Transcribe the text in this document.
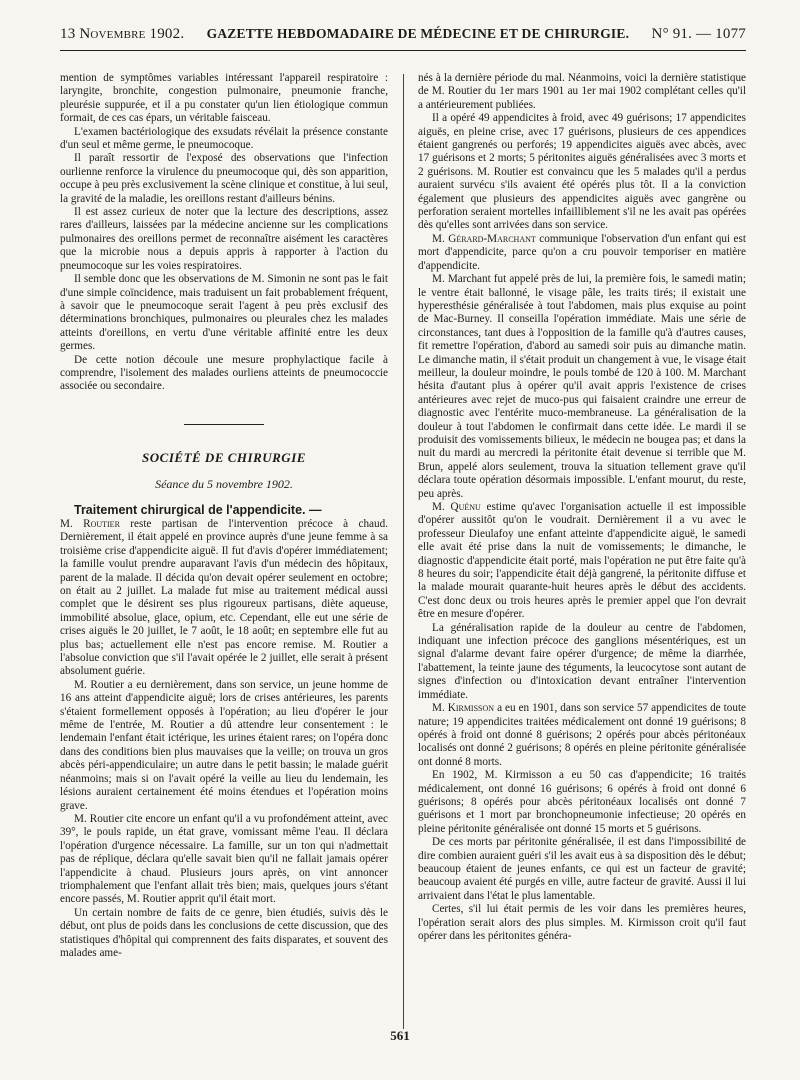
13 Novembre 1902. GAZETTE HEBDOMADAIRE DE MÉDECINE ET DE CHIRURGIE. N° 91. — 1077

mention de symptômes variables intéressant l'appareil respiratoire : laryngite, bronchite, congestion pulmonaire, pneumonie franche, pleurésie suppurée, et il a pu constater qu'un lien étiologique commun formait, de ces cas épars, un véritable faisceau.

L'examen bactériologique des exsudats révélait la présence constante d'un seul et même germe, le pneumocoque.

Il paraît ressortir de l'exposé des observations que l'infection ourlienne renforce la virulence du pneumocoque qui, dès son apparition, occupe à peu près exclusivement la scène clinique et constitue, à lui seul, la gravité de la maladie, les oreillons restant d'ailleurs bénins.

Il est assez curieux de noter que la lecture des descriptions, assez rares d'ailleurs, laissées par la médecine ancienne sur les complications pulmonaires des oreillons permet de reconnaître aisément les caractères que la microbie nous a depuis appris à rapporter à l'action du pneumocoque sur les voies respiratoires.

Il semble donc que les observations de M. Simonin ne sont pas le fait d'une simple coïncidence, mais traduisent un fait probablement fréquent, à savoir que le pneumocoque serait l'agent à peu près exclusif des déterminations bronchiques, pulmonaires ou pleurales chez les malades atteints d'oreillons, en vertu d'une véritable affinité entre les deux germes.

De cette notion découle une mesure prophylactique facile à comprendre, l'isolement des malades ourliens atteints de pneumococcie associée ou secondaire.

SOCIÉTÉ DE CHIRURGIE
Séance du 5 novembre 1902.

Traitement chirurgical de l'appendicite. —

M. Routier reste partisan de l'intervention précoce à chaud. Dernièrement, il était appelé en province auprès d'une jeune femme à sa troisième crise d'appendicite aiguë. Il fut d'avis d'opérer immédiatement; la famille voulut prendre auparavant l'avis d'un médecin des hôpitaux, parent de la malade. Il décida qu'on devait opérer seulement en octobre; on était au 2 juillet. La malade fut mise au traitement médical aussi complet que le désirent ses plus rigoureux partisans, diète aqueuse, immobilité absolue, glace, opium, etc. Cependant, elle eut une série de crises aiguës le 20 juillet, le 7 août, le 18 août; en septembre elle fut au plus bas; actuellement elle n'est pas encore remise. M. Routier a l'absolue conviction que s'il l'avait opérée le 2 juillet, elle serait à présent absolument guérie.

M. Routier a eu dernièrement, dans son service, un jeune homme de 16 ans atteint d'appendicite aiguë; lors de crises antérieures, les parents s'étaient formellement opposés à l'opération; au lieu d'opérer le jour même de l'entrée, M. Routier a dû attendre leur consentement : le lendemain l'enfant était ictérique, les urines étaient rares; on l'opéra donc dans des conditions bien plus mauvaises que la veille; on trouva un gros abcès péri-appendiculaire; un autre dans le petit bassin; le malade guérit néanmoins; mais si on l'avait opéré la veille au lieu du lendemain, les lésions auraient certainement été moins étendues et l'opération moins grave.

M. Routier cite encore un enfant qu'il a vu profondément atteint, avec 39°, le pouls rapide, un état grave, vomissant même l'eau. Il déclara l'opération d'urgence nécessaire. La famille, sur un ton qui n'admettait pas de réplique, déclara qu'elle savait bien qu'il ne fallait jamais opérer l'appendicite à chaud. Plusieurs jours après, on vint annoncer triomphalement que l'enfant allait très bien; mais, quelques jours s'étant encore passés, M. Routier apprit qu'il était mort.

Un certain nombre de faits de ce genre, bien étudiés, suivis dès le début, ont plus de poids dans les conclusions de cette discussion, que des statistiques d'hôpital qui comprennent des faits disparates, et souvent des malades ame-

nés à la dernière période du mal. Néanmoins, voici la dernière statistique de M. Routier du 1er mars 1901 au 1er mai 1902 complétant celles qu'il a antérieurement publiées.

Il a opéré 49 appendicites à froid, avec 49 guérisons; 17 appendicites aiguës, en pleine crise, avec 17 guérisons, plusieurs de ces appendices étaient gangrenés ou perforés; 19 appendicites aiguës avec abcès, avec 17 guérisons et 2 morts; 5 péritonites aiguës généralisées avec 3 morts et 2 guérisons. M. Routier est convaincu que les 5 malades qu'il a perdus auraient survécu s'ils avaient été opérés plus tôt. Il a la conviction également que plusieurs des appendicites aiguës avec gangrène ou perforation seraient mortelles infailliblement s'il ne les avait pas opérées dès qu'elles sont arrivées dans son service.

M. Gérard-Marchant communique l'observation d'un enfant qui est mort d'appendicite, parce qu'on a cru pouvoir temporiser en matière d'appendicite.

M. Marchant fut appelé près de lui, la première fois, le samedi matin; le ventre était ballonné, le visage pâle, les traits tirés; il existait une hyperesthésie généralisée à tout l'abdomen, mais plus exquise au point de Mac-Burney. Il conseilla l'opération immédiate. Mais une série de circonstances, tant dues à l'opposition de la famille qu'à d'autres causes, fit remettre l'opération, d'abord au samedi soir puis au dimanche matin. Le dimanche matin, il s'était produit un changement à vue, le visage était meilleur, la douleur moindre, le pouls tombé de 120 à 100. M. Marchant hésita d'autant plus à opérer qu'il avait appris l'existence de crises antérieures avec rejet de muco-pus qui faisaient craindre une erreur de diagnostic avec l'entérite muco-membraneuse. La généralisation de la douleur à tout l'abdomen le confirmait dans cette idée. Le mardi il se produisit des vomissements bilieux, le médecin ne bougea pas; et dans la nuit du mardi au mercredi la péritonite était devenue si terrible que M. Brun, appelé alors seulement, trouva la situation tellement grave qu'il déclara toute opération désormais impossible. L'enfant mourut, du reste, peu après.

M. Quénu estime qu'avec l'organisation actuelle il est impossible d'opérer aussitôt qu'on le voudrait. Dernièrement il a vu avec le professeur Dieulafoy une enfant atteinte d'appendicite aiguë, le samedi elle avait été prise dans la nuit de vomissements; le dimanche, le diagnostic d'appendicite était porté, mais l'opération ne put être faite qu'à 8 heures du soir; l'appendicite était déjà gangrené, la péritonite diffuse et la malade mourait quarante-huit heures après le début des accidents. C'est donc deux ou trois heures après le premier appel que l'on devrait être en mesure d'opérer.

La généralisation rapide de la douleur au centre de l'abdomen, indiquant une infection précoce des ganglions mésentériques, est un signal d'alarme devant faire opérer d'urgence; de même la diarrhée, l'abattement, la teinte jaune des téguments, la leucocytose sont autant de signes d'infection ou d'intoxication devant entraîner l'intervention immédiate.

M. Kirmisson a eu en 1901, dans son service 57 appendicites de toute nature; 19 appendicites traitées médicalement ont donné 19 guérisons; 8 opérés à froid ont donné 8 guérisons; 2 opérés pour abcès péritonéaux localisés ont donné 2 guérisons; 8 opérés en pleine péritonite généralisée ont donné 8 morts.

En 1902, M. Kirmisson a eu 50 cas d'appendicite; 16 traités médicalement, ont donné 16 guérisons; 6 opérés à froid ont donné 6 guérisons; 8 opérés pour abcès péritonéaux localisés ont donné 7 guérisons et 1 mort par bronchopneumonie infectieuse; 20 opérés en pleine péritonite généralisée ont donné 15 morts et 5 guérisons.

De ces morts par péritonite généralisée, il est dans l'impossibilité de dire combien auraient guéri s'il les avait eus à sa disposition dès le début; beaucoup étaient de jeunes enfants, ce qui est un facteur de gravité; beaucoup avaient été purgés en ville, autre facteur de gravité. Aussi il lui arrivaient dans l'état le plus lamentable.

Certes, s'il lui était permis de les voir dans les premières heures, l'opération serait alors des plus simples. M. Kirmisson croit qu'il faut opérer dans les péritonites généra-

561
